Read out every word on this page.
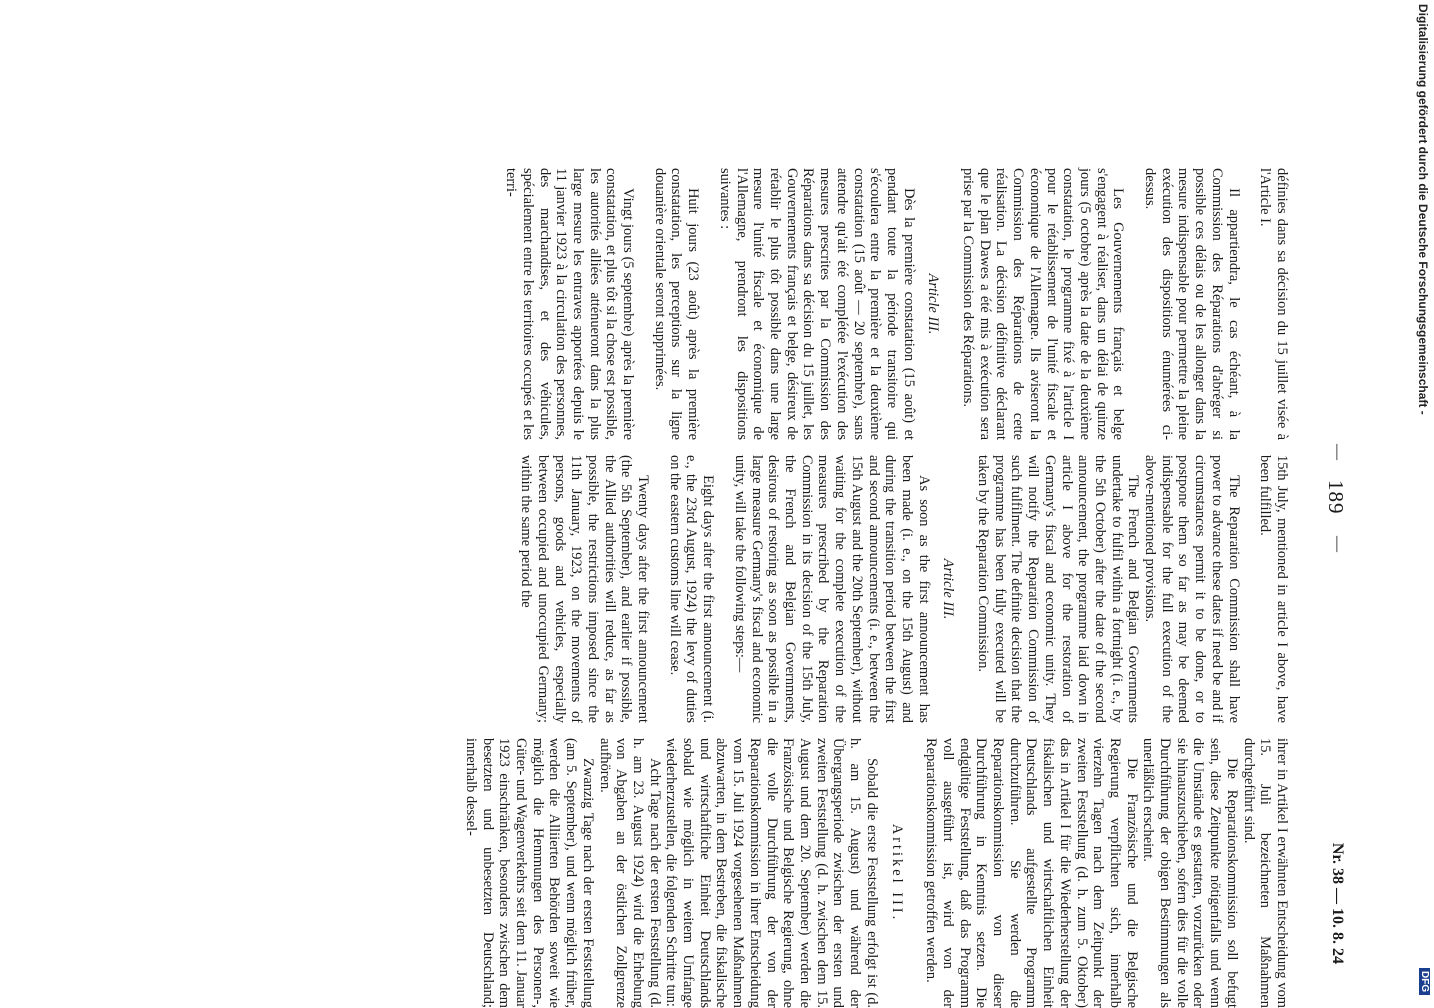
Digitalisierung gefördert durch die Deutsche Forschungsgemeinschaft -
DFG
—
189
—
Nr. 38 — 10. 8. 24

définies dans sa décision du 15 juillet visée à l'Article I.

Il appartiendra, le cas échéant, à la Commission des Réparations d'abréger si possible ces délais ou de les allonger dans la mesure indispensable pour permettre la pleine exécution des dispositions énumérées ci-dessus.

Les Gouvernements français et belge s'engagent à réaliser, dans un délai de quinze jours (5 octobre) après la date de la deuxième constatation, le programme fixé à l'article I pour le rétablissement de l'unité fiscale et économique de l'Allemagne. Ils aviseront la Commission des Réparations de cette réalisation. La décision définitive déclarant que le plan Dawes a été mis à exécution sera prise par la Commission des Réparations.

Article III.

Dès la première constatation (15 août) et pendant toute la période transitoire qui s'écoulera entre la première et la deuxième constatation (15 août — 20 septembre), sans attendre qu'ait été complétée l'exécution des mesures prescrites par la Commission des Réparations dans sa décision du 15 juillet, les Gouvernements français et belge, désireux de rétablir le plus tôt possible dans une large mesure l'unité fiscale et économique de l'Allemagne, prendront les dispositions suivantes :

Huit jours (23 août) après la première constatation, les perceptions sur la ligne douanière orientale seront supprimées.

Vingt jours (5 septembre) après la première constatation, et plus tôt si la chose est possible, les autorités alliées atténueront dans la plus large mesure les entraves apportées depuis le 11 janvier 1923 à la circulation des personnes, des marchandises, et des véhicules, spécialement entre les territoires occupés et les terri-

15th July, mentioned in article I above, have been fulfilled.

The Reparation Commission shall have power to advance these dates if need be and if circumstances permit it to be done, or to postpone them so far as may be deemed indispensable for the full execution of the above-mentioned provisions.

The French and Belgian Governments undertake to fulfil within a fortnight (i. e., by the 5th October) after the date of the second announcement, the programme laid down in article I above for the restoration of Germany's fiscal and economic unity. They will notify the Reparation Commission of such fulfilment. The definite decision that the programme has been fully executed will be taken by the Reparation Commission.

Article III.

As soon as the first announcement has been made (i. e., on the 15th August) and during the transition period between the first and second announcements (i. e., between the 15th August and the 20th September), without waiting for the complete execution of the measures prescribed by the Reparation Commission in its decision of the 15th July, the French and Belgian Governments, desirous of restoring as soon as possible in a large measure Germany's fiscal and economic unity, will take the following steps:—

Eight days after the first announcement (i. e., the 23rd August, 1924) the levy of duties on the eastern customs line will cease.

Twenty days after the first announcement (the 5th September), and earlier if possible, the Allied authorities will reduce, as far as possible, the restrictions imposed since the 11th January, 1923, on the movements of persons, goods and vehicles, especially between occupied and unoccupied Germany; within the same period the

ihrer in Artikel I erwähnten Entscheidung vom 15. Juli bezeichneten Maßnahmen durchgeführt sind.

Die Reparationskommission soll befugt sein, diese Zeitpunkte nötigenfalls und wenn die Umstände es gestatten, vorzurücken oder sie hinauszuschieben, sofern dies für die volle Durchführung der obigen Bestimmungen als unerläßlich erscheint.

Die Französische und die Belgische Regierung verpflichten sich, innerhalb vierzehn Tagen nach dem Zeitpunkt der zweiten Feststellung (d. h. zum 5. Oktober) das in Artikel I für die Wiederherstellung der fiskalischen und wirtschaftlichen Einheit Deutschlands aufgestellte Programm durchzuführen. Sie werden die Reparationskommission von dieser Durchführung in Kenntnis setzen. Die endgültige Feststellung, daß das Programm voll ausgeführt ist, wird von der Reparationskommission getroffen werden.

Artikel III.

Sobald die erste Feststellung erfolgt ist (d. h. am 15. August) und während der Übergangsperiode zwischen der ersten und zweiten Feststellung (d. h. zwischen dem 15. August und dem 20. September) werden die Französische und Belgische Regierung, ohne die volle Durchführung der von der Reparationskommission in ihrer Entscheidung vom 15. Juli 1924 vorgesehenen Maßnahmen abzuwarten, in dem Bestreben, die fiskalische und wirtschaftliche Einheit Deutschlands sobald wie möglich in weitem Umfange wiederherzustellen, die folgenden Schritte tun:

Acht Tage nach der ersten Feststellung (d. h. am 23. August 1924) wird die Erhebung von Abgaben an der östlichen Zollgrenze aufhören.

Zwanzig Tage nach der ersten Feststellung (am 5. September), und wenn möglich früher, werden die Alliierten Behörden soweit wie möglich die Hemmungen des Personen-, Güter- und Wagenverkehrs seit dem 11. Januar 1923 einschränken, besonders zwischen dem besetzten und unbesetzten Deutschland; innerhalb dessel-
